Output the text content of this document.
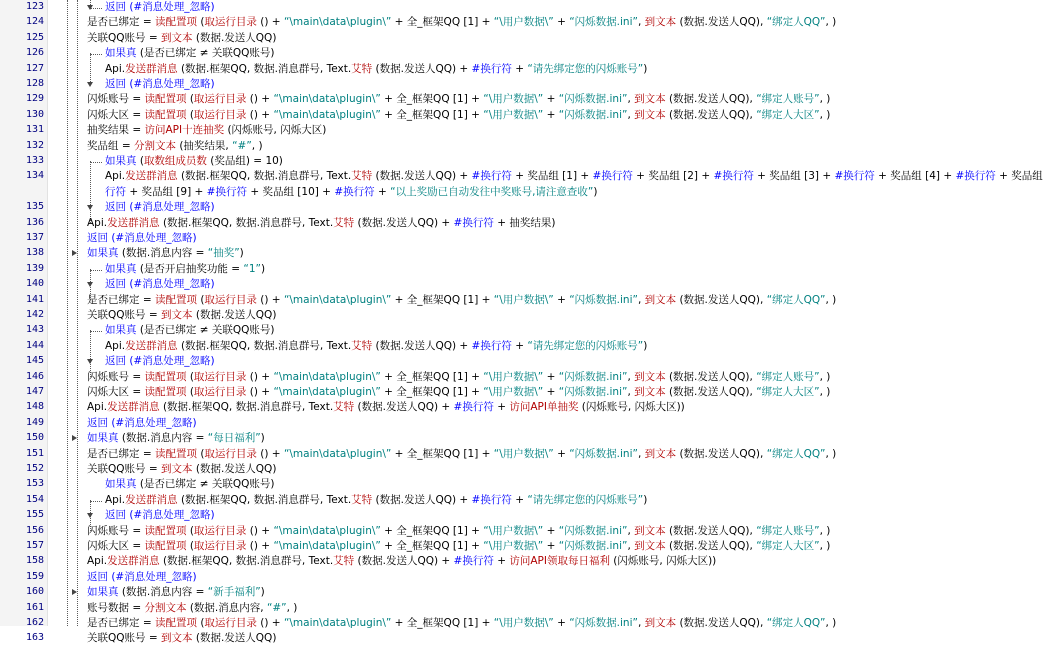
123	返回 (#消息处理_忽略)
124	是否已绑定 = 读配置项 (取运行目录 () + “\main\data\plugin\” + 全_框架QQ [1] + “\用户数据\” + “闪烁数据.ini”, 到文本 (数据.发送人QQ), “绑定人QQ”, )
125	关联QQ账号 = 到文本 (数据.发送人QQ)
126	如果真 (是否已绑定 ≠ 关联QQ账号)
127	Api.发送群消息 (数据.框架QQ, 数据.消息群号, Text.艾特 (数据.发送人QQ) + #换行符 + “请先绑定您的闪烁账号”)
128	返回 (#消息处理_忽略)
129	闪烁账号 = 读配置项 (取运行目录 () + “\main\data\plugin\” + 全_框架QQ [1] + “\用户数据\” + “闪烁数据.ini”, 到文本 (数据.发送人QQ), “绑定人账号”, )
130	闪烁大区 = 读配置项 (取运行目录 () + “\main\data\plugin\” + 全_框架QQ [1] + “\用户数据\” + “闪烁数据.ini”, 到文本 (数据.发送人QQ), “绑定人大区”, )
131	抽奖结果 = 访问API十连抽奖 (闪烁账号, 闪烁大区)
132	奖品组 = 分割文本 (抽奖结果, “#”, )
133	如果真 (取数组成员数 (奖品组) = 10)
134	Api.发送群消息 (数据.框架QQ, 数据.消息群号, Text.艾特 (数据.发送人QQ) + #换行符 + 奖品组 [1] + #换行符 + 奖品组 [2] + #换行符 + 奖品组 [3] + #换行符 + 奖品组 [4] + #换行符 + 奖品组
行符 + 奖品组 [9] + #换行符 + 奖品组 [10] + #换行符 + “以上奖励已自动发往中奖账号,请注意查收”)
135	返回 (#消息处理_忽略)
136	Api.发送群消息 (数据.框架QQ, 数据.消息群号, Text.艾特 (数据.发送人QQ) + #换行符 + 抽奖结果)
137	返回 (#消息处理_忽略)
138	如果真 (数据.消息内容 = “抽奖”)
139	如果真 (是否开启抽奖功能 = “1”)
140	返回 (#消息处理_忽略)
141	是否已绑定 = 读配置项 (取运行目录 () + “\main\data\plugin\” + 全_框架QQ [1] + “\用户数据\” + “闪烁数据.ini”, 到文本 (数据.发送人QQ), “绑定人QQ”, )
142	关联QQ账号 = 到文本 (数据.发送人QQ)
143	如果真 (是否已绑定 ≠ 关联QQ账号)
144	Api.发送群消息 (数据.框架QQ, 数据.消息群号, Text.艾特 (数据.发送人QQ) + #换行符 + “请先绑定您的闪烁账号”)
145	返回 (#消息处理_忽略)
146	闪烁账号 = 读配置项 (取运行目录 () + “\main\data\plugin\” + 全_框架QQ [1] + “\用户数据\” + “闪烁数据.ini”, 到文本 (数据.发送人QQ), “绑定人账号”, )
147	闪烁大区 = 读配置项 (取运行目录 () + “\main\data\plugin\” + 全_框架QQ [1] + “\用户数据\” + “闪烁数据.ini”, 到文本 (数据.发送人QQ), “绑定人大区”, )
148	Api.发送群消息 (数据.框架QQ, 数据.消息群号, Text.艾特 (数据.发送人QQ) + #换行符 + 访问API单抽奖 (闪烁账号, 闪烁大区))
149	返回 (#消息处理_忽略)
150	如果真 (数据.消息内容 = “每日福利”)
151	是否已绑定 = 读配置项 (取运行目录 () + “\main\data\plugin\” + 全_框架QQ [1] + “\用户数据\” + “闪烁数据.ini”, 到文本 (数据.发送人QQ), “绑定人QQ”, )
152	关联QQ账号 = 到文本 (数据.发送人QQ)
153	如果真 (是否已绑定 ≠ 关联QQ账号)
154	Api.发送群消息 (数据.框架QQ, 数据.消息群号, Text.艾特 (数据.发送人QQ) + #换行符 + “请先绑定您的闪烁账号”)
155	返回 (#消息处理_忽略)
156	闪烁账号 = 读配置项 (取运行目录 () + “\main\data\plugin\” + 全_框架QQ [1] + “\用户数据\” + “闪烁数据.ini”, 到文本 (数据.发送人QQ), “绑定人账号”, )
157	闪烁大区 = 读配置项 (取运行目录 () + “\main\data\plugin\” + 全_框架QQ [1] + “\用户数据\” + “闪烁数据.ini”, 到文本 (数据.发送人QQ), “绑定人大区”, )
158	Api.发送群消息 (数据.框架QQ, 数据.消息群号, Text.艾特 (数据.发送人QQ) + #换行符 + 访问API领取每日福利 (闪烁账号, 闪烁大区))
159	返回 (#消息处理_忽略)
160	如果真 (数据.消息内容 = “新手福利”)
161	账号数据 = 分割文本 (数据.消息内容, “#”, )
162	是否已绑定 = 读配置项 (取运行目录 () + “\main\data\plugin\” + 全_框架QQ [1] + “\用户数据\” + “闪烁数据.ini”, 到文本 (数据.发送人QQ), “绑定人QQ”, )
163	关联QQ账号 = 到文本 (数据.发送人QQ)
